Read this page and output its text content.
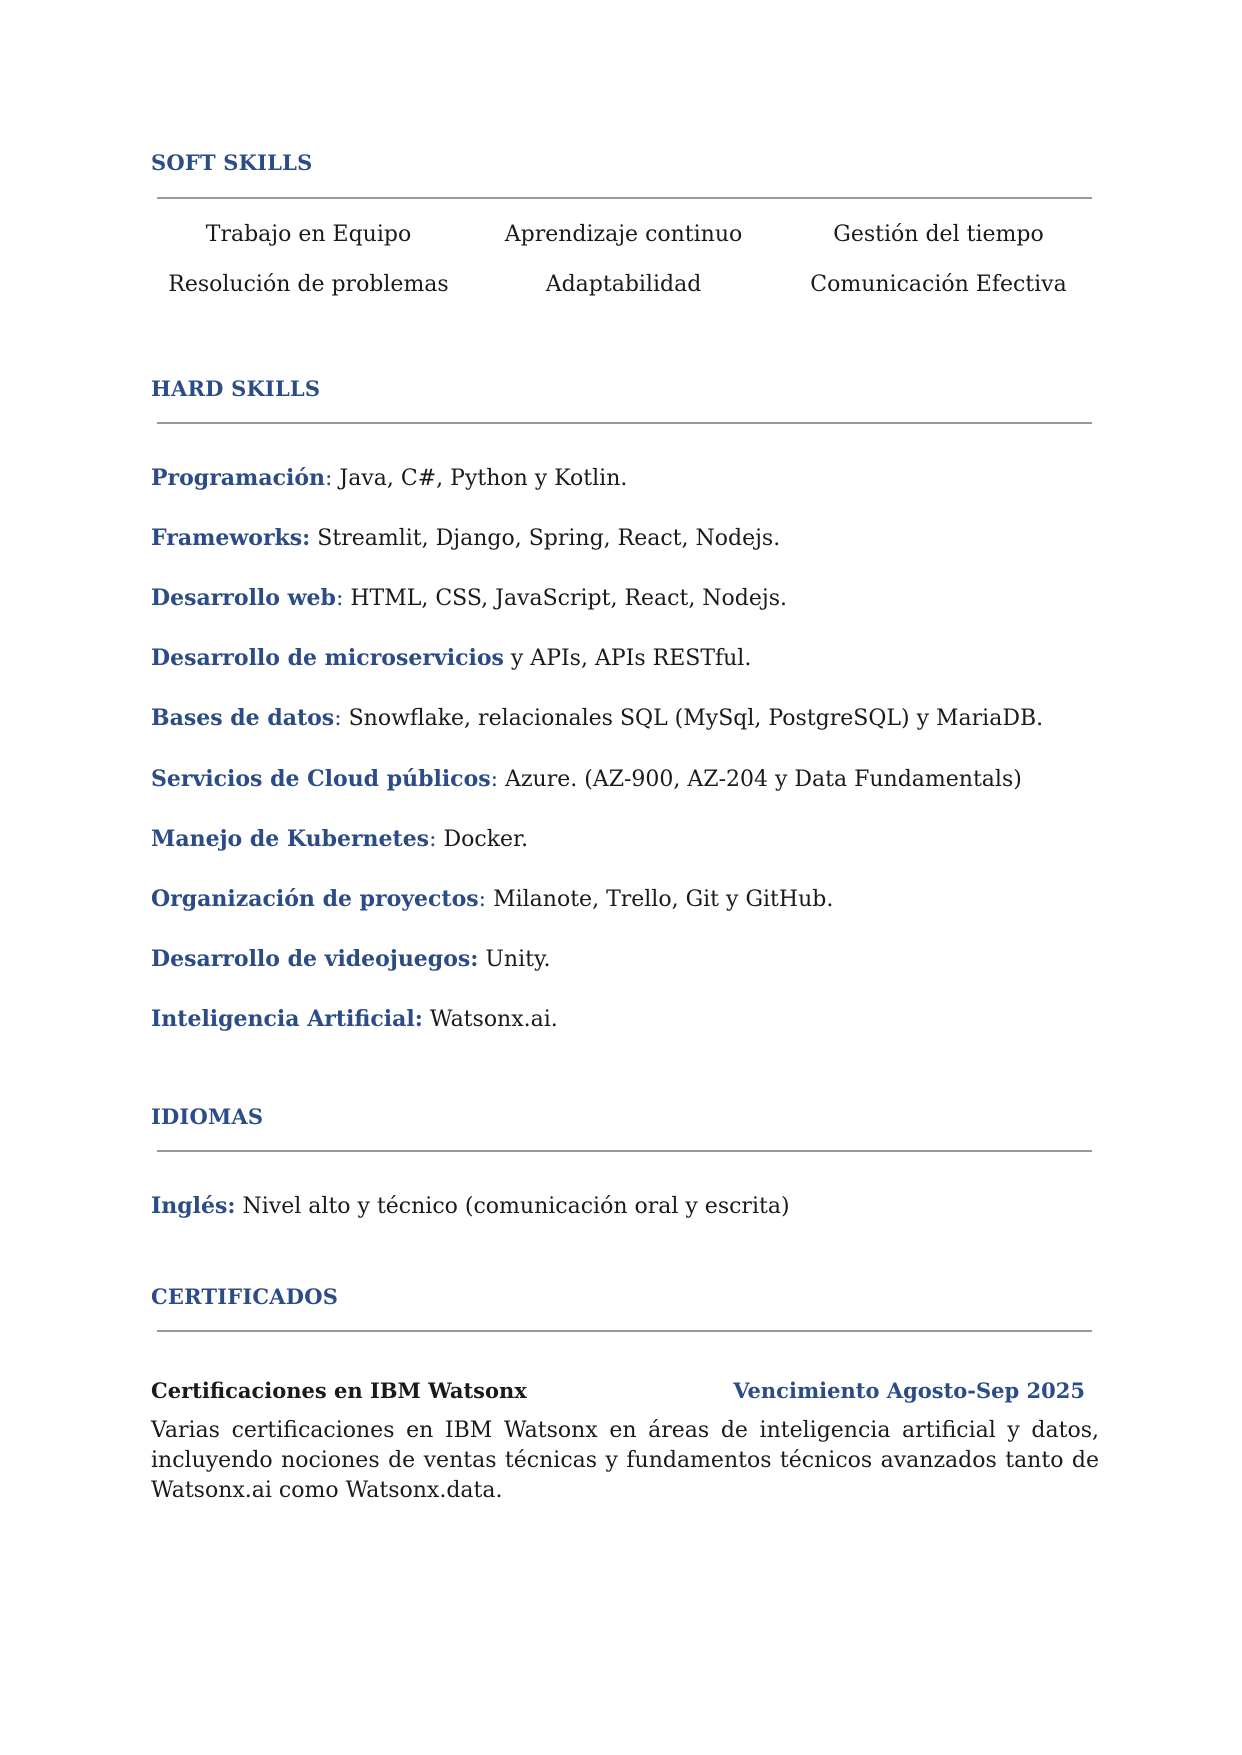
SOFT SKILLS
Trabajo en Equipo	Aprendizaje continuo	Gestión del tiempo
Resolución de problemas	Adaptabilidad	Comunicación Efectiva
HARD SKILLS

Programación: Java, C#, Python y Kotlin.

Frameworks: Streamlit, Django, Spring, React, Nodejs.

Desarrollo web: HTML, CSS, JavaScript, React, Nodejs.

Desarrollo de microservicios y APIs, APIs RESTful.

Bases de datos: Snowflake, relacionales SQL (MySql, PostgreSQL) y MariaDB.

Servicios de Cloud públicos: Azure. (AZ-900, AZ-204 y Data Fundamentals)

Manejo de Kubernetes: Docker.

Organización de proyectos: Milanote, Trello, Git y GitHub.

Desarrollo de videojuegos: Unity.

Inteligencia Artificial: Watsonx.ai.

IDIOMAS

Inglés: Nivel alto y técnico (comunicación oral y escrita)

CERTIFICADOS
Certificaciones en IBM Watsonx	Vencimiento Agosto-Sep 2025

Varias certificaciones en IBM Watsonx en áreas de inteligencia artificial y datos, incluyendo nociones de ventas técnicas y fundamentos técnicos avanzados tanto de Watsonx.ai como Watsonx.data.
